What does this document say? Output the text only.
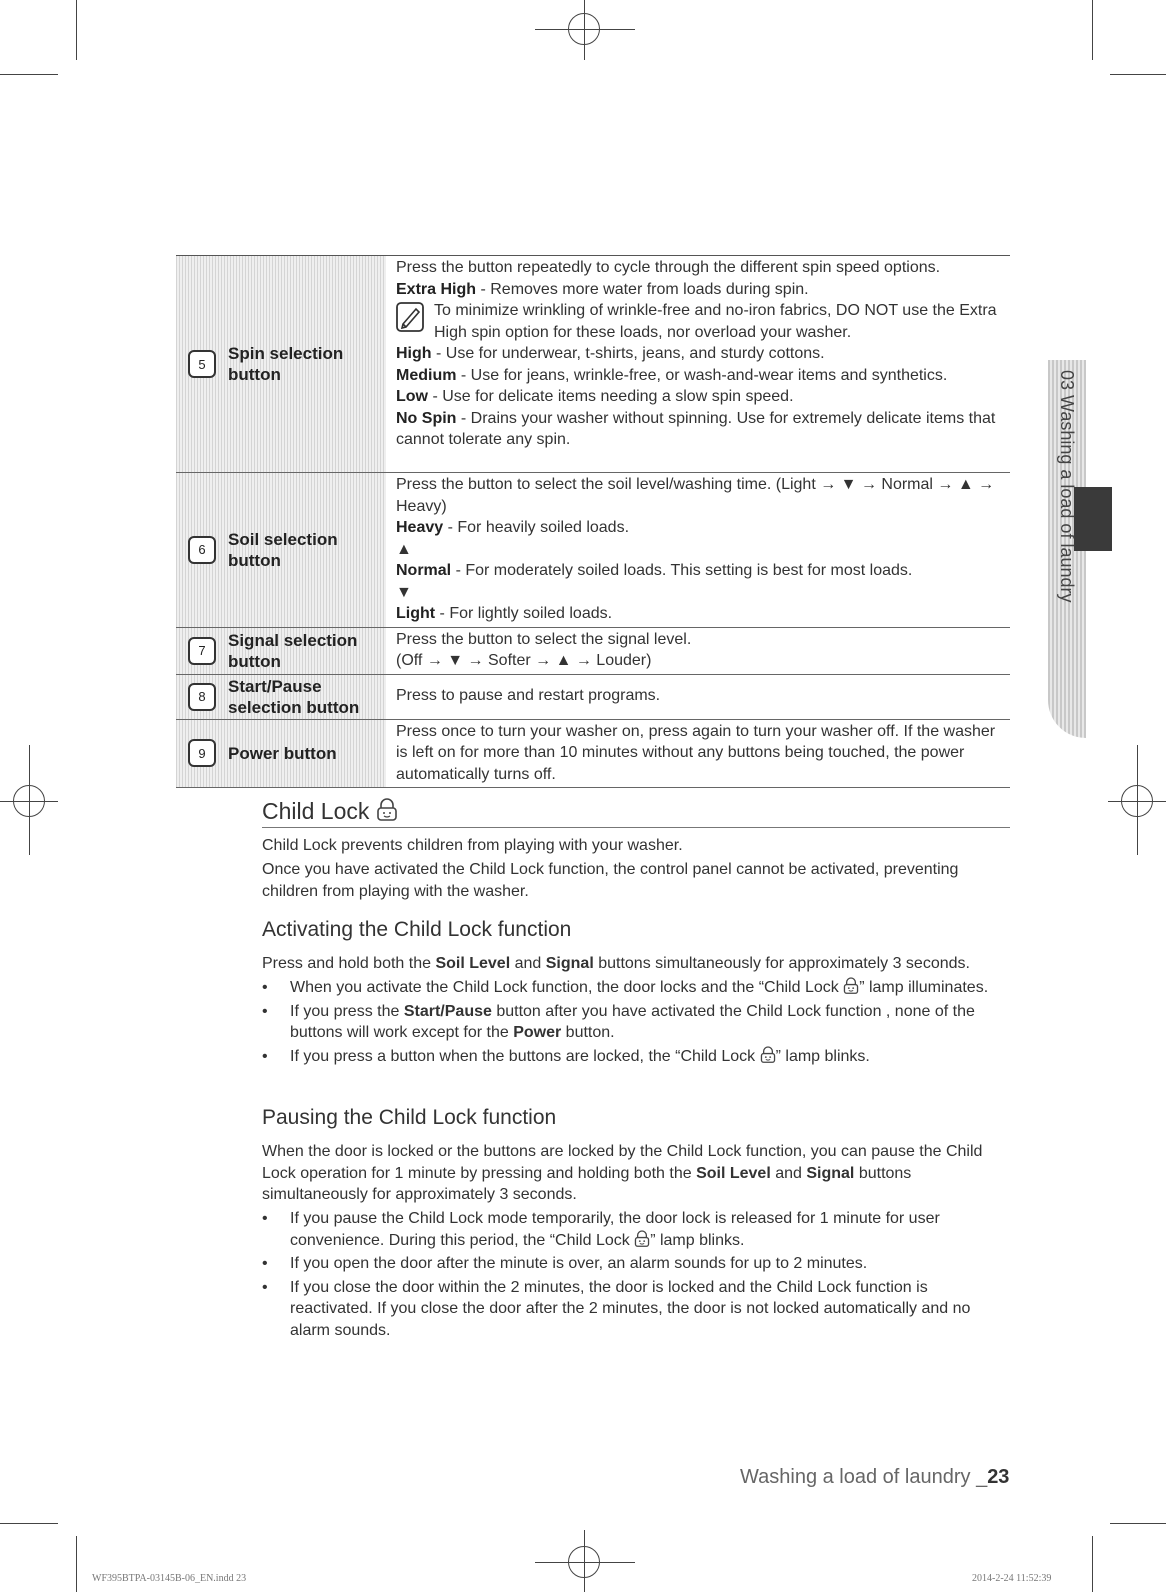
03 Washing a load of laundry
5
Spin selection button
Press the button repeatedly to cycle through the different spin speed options.
Extra High - Removes more water from loads during spin.
To minimize wrinkling of wrinkle-free and no-iron fabrics, DO NOT use the Extra High spin option for these loads, nor overload your washer.
High - Use for underwear, t-shirts, jeans, and sturdy cottons.
Medium - Use for jeans, wrinkle-free, or wash-and-wear items and synthetics.
Low - Use for delicate items needing a slow spin speed.
No Spin - Drains your washer without spinning. Use for extremely delicate items that cannot tolerate any spin.
6
Soil selection button
Press the button to select the soil level/washing time. (Light → ▼ → Normal → ▲ → Heavy)
Heavy - For heavily soiled loads.
▲
Normal - For moderately soiled loads. This setting is best for most loads.
▼
Light - For lightly soiled loads.
7
Signal selection button
Press the button to select the signal level.
(Off → ▼ → Softer → ▲ → Louder)
8
Start/Pause selection button
Press to pause and restart programs.
9	Power button
Press once to turn your washer on, press again to turn your washer off. If the washer is left on for more than 10 minutes without any buttons being touched, the power automatically turns off.
Child Lock
Child Lock prevents children from playing with your washer.
Once you have activated the Child Lock function, the control panel cannot be activated, preventing children from playing with the washer.
Activating the Child Lock function
Press and hold both the Soil Level and Signal buttons simultaneously for approximately 3 seconds.
• When you activate the Child Lock function, the door locks and the “Child Lock ” lamp illuminates.
• If you press the Start/Pause button after you have activated the Child Lock function , none of the buttons will work except for the Power button.
• If you press a button when the buttons are locked, the “Child Lock ” lamp blinks.
Pausing the Child Lock function
When the door is locked or the buttons are locked by the Child Lock function, you can pause the Child Lock operation for 1 minute by pressing and holding both the Soil Level and Signal buttons simultaneously for approximately 3 seconds.
• If you pause the Child Lock mode temporarily, the door lock is released for 1 minute for user convenience. During this period, the “Child Lock ” lamp blinks.
• If you open the door after the minute is over, an alarm sounds for up to 2 minutes.
• If you close the door within the 2 minutes, the door is locked and the Child Lock function is reactivated. If you close the door after the 2 minutes, the door is not locked automatically and no alarm sounds.
Washing a load of laundry _23
WF395BTPA-03145B-06_EN.indd 23	2014-2-24 11:52:39
